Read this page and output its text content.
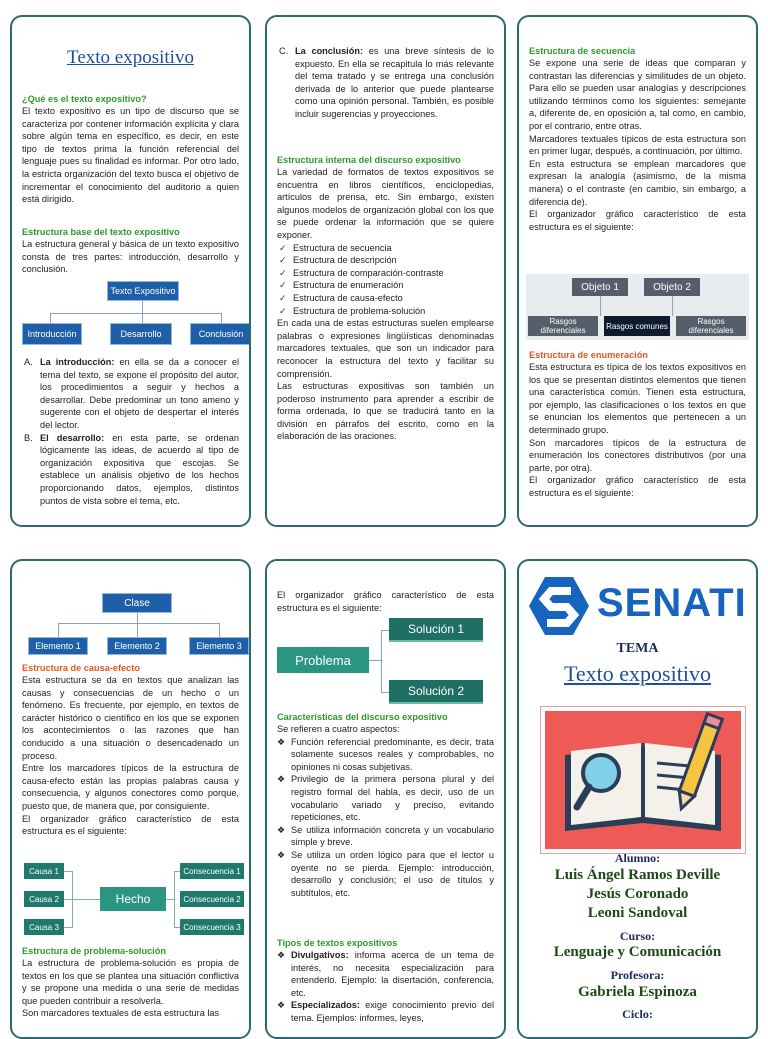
Texto expositivo

¿Qué es el texto expositivo?

El texto expositivo es un tipo de discurso que se caracteriza por contener información explícita y clara sobre algún tema en específico, es decir, en este tipo de textos prima la función referencial del lenguaje pues su finalidad es informar. Por otro lado, la estricta organización del texto busca el objetivo de incrementar el conocimiento del auditorio a quien está dirigido.

Estructura base del texto expositivo

La estructura general y básica de un texto expositivo consta de tres partes: introducción, desarrollo y conclusión.

Texto Expositivo
Introducción	Desarrollo	Conclusión
A. La introducción: en ella se da a conocer el tema del texto, se expone el propósito del autor, los procedimientos a seguir y hechos a desarrollar. Debe predominar un tono ameno y sugerente con el objeto de despertar el interés del lector.
B. El desarrollo: en esta parte, se ordenan lógicamente las ideas, de acuerdo al tipo de organización expositiva que escojas. Se establece un análisis objetivo de los hechos proporcionando datos, ejemplos, distintos puntos de vista sobre el tema, etc.
C. La conclusión: es una breve síntesis de lo expuesto. En ella se recapitula lo más relevante del tema tratado y se entrega una conclusión derivada de lo anterior que puede plantearse como una opinión personal. También, es posible incluir sugerencias y proyecciones.

Estructura interna del discurso expositivo

La variedad de formatos de textos expositivos se encuentra en libros científicos, enciclopedias, artículos de prensa, etc. Sin embargo, existen algunos modelos de organización global con los que se puede ordenar la información que se quiere exponer.

✓ Estructura de secuencia
✓ Estructura de descripción
✓ Estructura de comparación-contraste
✓ Estructura de enumeración
✓ Estructura de causa-efecto
✓ Estructura de problema-solución

En cada una de estas estructuras suelen emplearse palabras o expresiones lingüísticas denominadas marcadores textuales, que son un indicador para reconocer la estructura del texto y facilitar su comprensión.

Las estructuras expositivas son también un poderoso instrumento para aprender a escribir de forma ordenada, lo que se traducirá tanto en la división en párrafos del escrito, como en la elaboración de las oraciones.

Estructura de secuencia

Se expone una serie de ideas que comparan y contrastan las diferencias y similitudes de un objeto. Para ello se pueden usar analogías y descripciones utilizando términos como los siguientes: semejante a, diferente de, en oposición a, tal como, en cambio, por el contrario, entre otras.

Marcadores textuales típicos de esta estructura son en primer lugar, después, a continuación, por último.

En esta estructura se emplean marcadores que expresan la analogía (asimismo, de la misma manera) o el contraste (en cambio, sin embargo, a diferencia de).

El organizador gráfico característico de esta estructura es el siguiente:

Objeto 1	Objeto 2
Rasgos diferenciales	Rasgos comunes	Rasgos diferenciales

Estructura de enumeración

Esta estructura es típica de los textos expositivos en los que se presentan distintos elementos que tienen una característica común. Tienen esta estructura, por ejemplo, las clasificaciones o los textos en que se enuncian los elementos que pertenecen a un determinado grupo.

Son marcadores típicos de la estructura de enumeración los conectores distributivos (por una parte, por otra).

El organizador gráfico característico de esta estructura es el siguiente:

Clase
Elemento 1	Elemento 2	Elemento 3

Estructura de causa-efecto

Esta estructura se da en textos que analizan las causas y consecuencias de un hecho o un fenómeno. Es frecuente, por ejemplo, en textos de carácter histórico o científico en los que se exponen los acontecimientos o las razones que han conducido a una situación o desencadenado un proceso.

Entre los marcadores típicos de la estructura de causa-efecto están las propias palabras causa y consecuencia, y algunos conectores como porque, puesto que, de manera que, por consiguiente.

El organizador gráfico característico de esta estructura es el siguiente:

Causa 1
Causa 2
Causa 3
Hecho
Consecuencia 1
Consecuencia 2
Consecuencia 3

Estructura de problema-solución

La estructura de problema-solución es propia de textos en los que se plantea una situación conflictiva y se propone una medida o una serie de medidas que pueden contribuir a resolverla.

Son marcadores textuales de esta estructura las

El organizador gráfico característico de esta estructura es el siguiente:

Problema
Solución 1
Solución 2

Características del discurso expositivo

Se refieren a cuatro aspectos:

❖ Función referencial predominante, es decir, trata solamente sucesos reales y comprobables, no opiniones ni cosas subjetivas.
❖ Privilegio de la primera persona plural y del registro formal del habla, es decir, uso de un vocabulario variado y preciso, evitando repeticiones, etc.
❖ Se utiliza información concreta y un vocabulario simple y breve.
❖ Se utiliza un orden lógico para que el lector u oyente no se pierda. Ejemplo: introducción, desarrollo y conclusión; el uso de títulos y subtítulos, etc.

Tipos de textos expositivos

❖ Divulgativos: informa acerca de un tema de interés, no necesita especialización para entenderlo. Ejemplo: la disertación, conferencia, etc.
❖ Especializados: exige conocimiento previo del tema. Ejemplos: informes, leyes,
SENATI
TEMA
Texto expositivo
Alumno:
Luis Ángel Ramos Deville
Jesús Coronado
Leoni Sandoval
Curso:
Lenguaje y Comunicación
Profesora:
Gabriela Espinoza
Ciclo:
